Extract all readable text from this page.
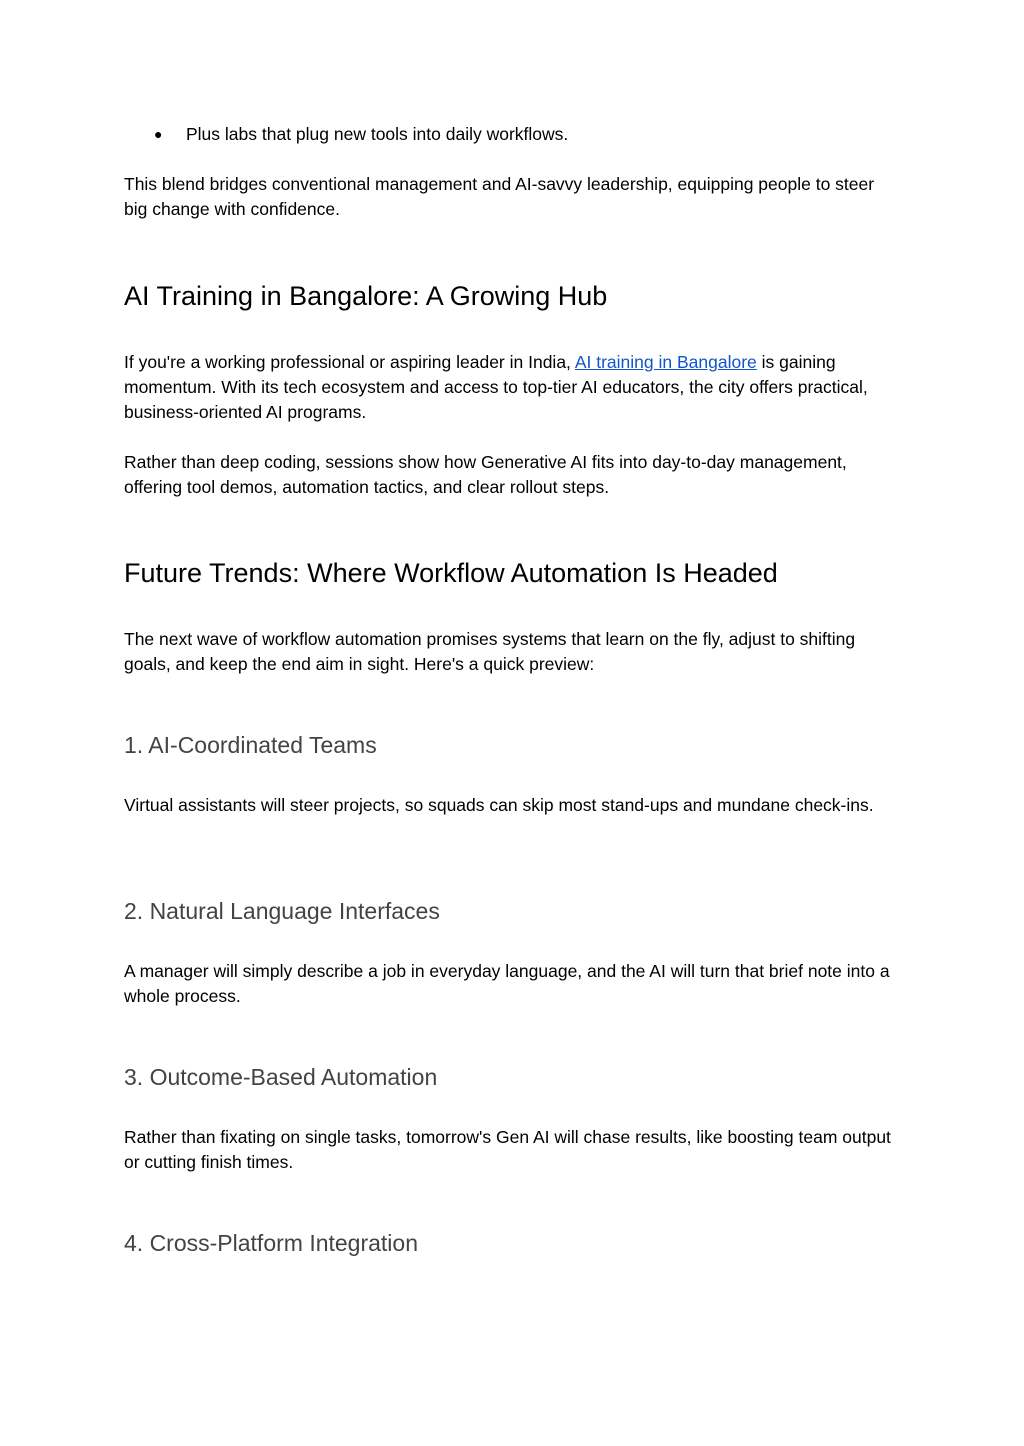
● Plus labs that plug new tools into daily workflows.

This blend bridges conventional management and AI-savvy leadership, equipping people to steer big change with confidence.

AI Training in Bangalore: A Growing Hub

If you're a working professional or aspiring leader in India, AI training in Bangalore is gaining momentum. With its tech ecosystem and access to top-tier AI educators, the city offers practical, business-oriented AI programs.

Rather than deep coding, sessions show how Generative AI fits into day-to-day management, offering tool demos, automation tactics, and clear rollout steps.

Future Trends: Where Workflow Automation Is Headed

The next wave of workflow automation promises systems that learn on the fly, adjust to shifting goals, and keep the end aim in sight. Here's a quick preview:

1. AI-Coordinated Teams

Virtual assistants will steer projects, so squads can skip most stand-ups and mundane check-ins.

2. Natural Language Interfaces

A manager will simply describe a job in everyday language, and the AI will turn that brief note into a whole process.

3. Outcome-Based Automation

Rather than fixating on single tasks, tomorrow's Gen AI will chase results, like boosting team output or cutting finish times.

4. Cross-Platform Integration
